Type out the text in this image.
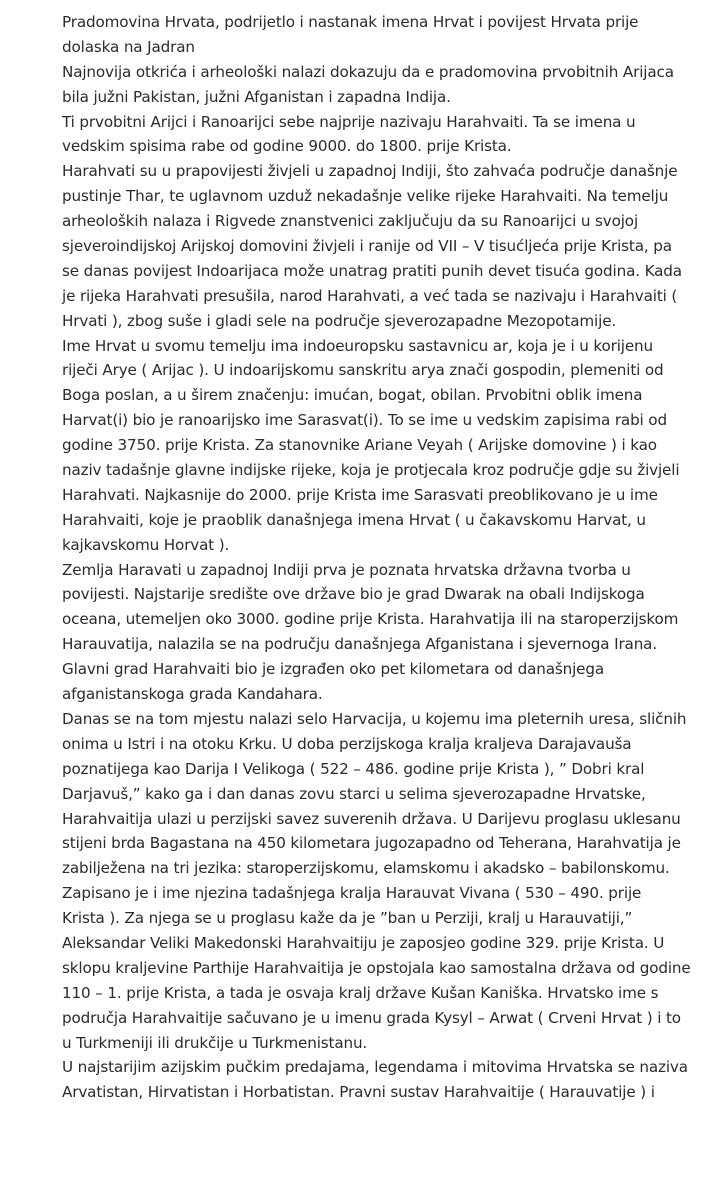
Pradomovina Hrvata, podrijetlo i nastanak imena Hrvat i povijest Hrvata prije
dolaska na Jadran
Najnovija otkrića i arheološki nalazi dokazuju da e pradomovina prvobitnih Arijaca
bila južni Pakistan, južni Afganistan i zapadna Indija.
Ti prvobitni Arijci i Ranoarijci sebe najprije nazivaju Harahvaiti. Ta se imena u
vedskim spisima rabe od godine 9000. do 1800. prije Krista.
Harahvati su u prapovijesti živjeli u zapadnoj Indiji, što zahvaća područje današnje
pustinje Thar, te uglavnom uzduž nekadašnje velike rijeke Harahvaiti. Na temelju
arheoloških nalaza i Rigvede znanstvenici zaključuju da su Ranoarijci u svojoj
sjeveroindijskoj Arijskoj domovini živjeli i ranije od VII – V tisućljeća prije Krista, pa
se danas povijest Indoarijaca može unatrag pratiti punih devet tisuća godina. Kada
je rijeka Harahvati presušila, narod Harahvati, a već tada se nazivaju i Harahvaiti (
Hrvati ), zbog suše i gladi sele na područje sjeverozapadne Mezopotamije.
Ime Hrvat u svomu temelju ima indoeuropsku sastavnicu ar, koja je i u korijenu
riječi Arye ( Arijac ). U indoarijskomu sanskritu arya znači gospodin, plemeniti od
Boga poslan, a u širem značenju: imućan, bogat, obilan. Prvobitni oblik imena
Harvat(i) bio je ranoarijsko ime Sarasvat(i). To se ime u vedskim zapisima rabi od
godine 3750. prije Krista. Za stanovnike Ariane Veyah ( Arijske domovine ) i kao
naziv tadašnje glavne indijske rijeke, koja je protjecala kroz područje gdje su živjeli
Harahvati. Najkasnije do 2000. prije Krista ime Sarasvati preoblikovano je u ime
Harahvaiti, koje je praoblik današnjega imena Hrvat ( u čakavskomu Harvat, u
kajkavskomu Horvat ).
Zemlja Haravati u zapadnoj Indiji prva je poznata hrvatska državna tvorba u
povijesti. Najstarije središte ove države bio je grad Dwarak na obali Indijskoga
oceana, utemeljen oko 3000. godine prije Krista. Harahvatija ili na staroperzijskom
Harauvatija, nalazila se na području današnjega Afganistana i sjevernoga Irana.
Glavni grad Harahvaiti bio je izgrađen oko pet kilometara od današnjega
afganistanskoga grada Kandahara.
Danas se na tom mjestu nalazi selo Harvacija, u kojemu ima pleternih uresa, sličnih
onima u Istri i na otoku Krku. U doba perzijskoga kralja kraljeva Darajavauša
poznatijega kao Darija I Velikoga ( 522 – 486. godine prije Krista ), ” Dobri kral
Darjavuš,” kako ga i dan danas zovu starci u selima sjeverozapadne Hrvatske,
Harahvaitija ulazi u perzijski savez suverenih država. U Darijevu proglasu uklesanu
stijeni brda Bagastana na 450 kilometara jugozapadno od Teherana, Harahvatija je
zabilježena na tri jezika: staroperzijskomu, elamskomu i akadsko – babilonskomu.
Zapisano je i ime njezina tadašnjega kralja Harauvat Vivana ( 530 – 490. prije
Krista ). Za njega se u proglasu kaže da je ”ban u Perziji, kralj u Harauvatiji,”
Aleksandar Veliki Makedonski Harahvaitiju je zaposjeo godine 329. prije Krista. U
sklopu kraljevine Parthije Harahvaitija je opstojala kao samostalna država od godine
110 – 1. prije Krista, a tada je osvaja kralj države Kušan Kaniška. Hrvatsko ime s
područja Harahvaitije sačuvano je u imenu grada Kysyl – Arwat ( Crveni Hrvat ) i to
u Turkmeniji ili drukčije u Turkmenistanu.
U najstarijim azijskim pučkim predajama, legendama i mitovima Hrvatska se naziva
Arvatistan, Hirvatistan i Horbatistan. Pravni sustav Harahvaitije ( Harauvatije ) i
